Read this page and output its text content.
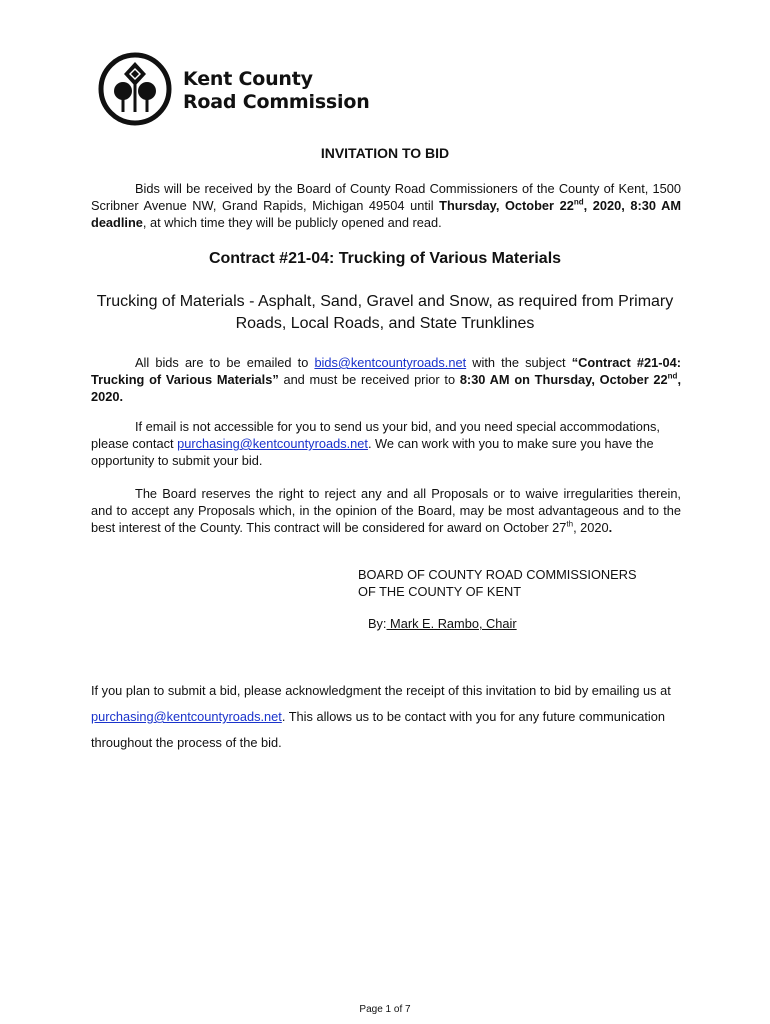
Kent County
Road Commission
INVITATION TO BID

Bids will be received by the Board of County Road Commissioners of the County of Kent, 1500 Scribner Avenue NW, Grand Rapids, Michigan 49504 until Thursday, October 22nd, 2020, 8:30 AM deadline, at which time they will be publicly opened and read.

Contract #21-04: Trucking of Various Materials
Trucking of Materials - Asphalt, Sand, Gravel and Snow, as required from Primary Roads, Local Roads, and State Trunklines

All bids are to be emailed to bids@kentcountyroads.net with the subject “Contract #21-04: Trucking of Various Materials” and must be received prior to 8:30 AM on Thursday, October 22nd, 2020.

If email is not accessible for you to send us your bid, and you need special accommodations, please contact purchasing@kentcountyroads.net. We can work with you to make sure you have the opportunity to submit your bid.

The Board reserves the right to reject any and all Proposals or to waive irregularities therein, and to accept any Proposals which, in the opinion of the Board, may be most advantageous and to the best interest of the County. This contract will be considered for award on October 27th, 2020.

BOARD OF COUNTY ROAD COMMISSIONERS
OF THE COUNTY OF KENT
By: Mark E. Rambo, Chair

If you plan to submit a bid, please acknowledgment the receipt of this invitation to bid by emailing us at purchasing@kentcountyroads.net. This allows us to be contact with you for any future communication throughout the process of the bid.

Page 1 of 7
